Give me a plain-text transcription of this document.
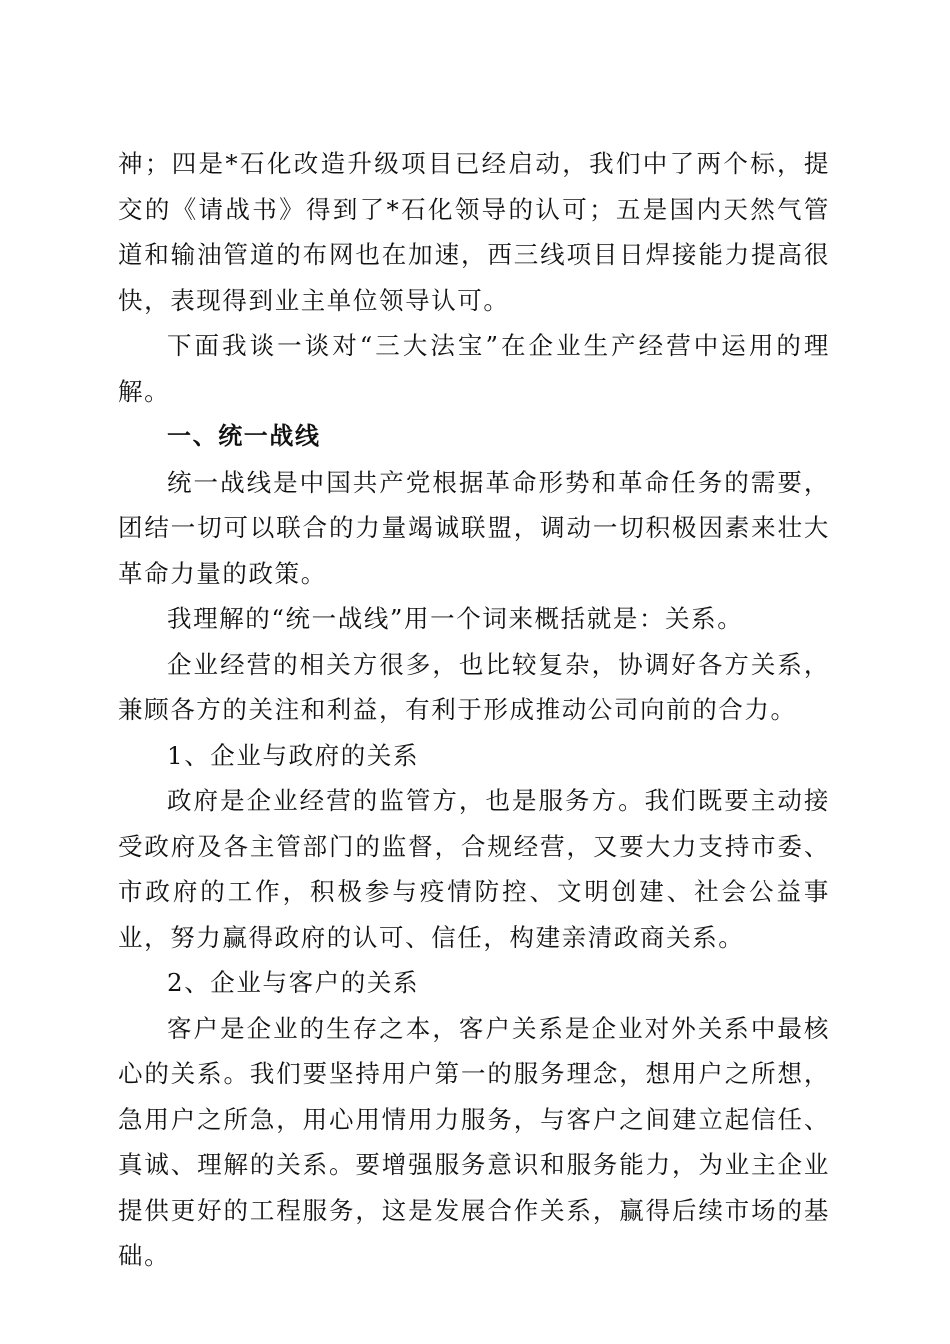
神；四是*石化改造升级项目已经启动，我们中了两个标，提交的《请战书》得到了*石化领导的认可；五是国内天然气管道和输油管道的布网也在加速，西三线项目日焊接能力提高很快，表现得到业主单位领导认可。

下面我谈一谈对“三大法宝”在企业生产经营中运用的理解。

一、统一战线

统一战线是中国共产党根据革命形势和革命任务的需要，团结一切可以联合的力量竭诚联盟，调动一切积极因素来壮大革命力量的政策。

我理解的“统一战线”用一个词来概括就是：关系。

企业经营的相关方很多，也比较复杂，协调好各方关系，兼顾各方的关注和利益，有利于形成推动公司向前的合力。

1、企业与政府的关系

政府是企业经营的监管方，也是服务方。我们既要主动接受政府及各主管部门的监督，合规经营，又要大力支持市委、市政府的工作，积极参与疫情防控、文明创建、社会公益事业，努力赢得政府的认可、信任，构建亲清政商关系。

2、企业与客户的关系

客户是企业的生存之本，客户关系是企业对外关系中最核心的关系。我们要坚持用户第一的服务理念，想用户之所想，急用户之所急，用心用情用力服务，与客户之间建立起信任、真诚、理解的关系。要增强服务意识和服务能力，为业主企业提供更好的工程服务，这是发展合作关系，赢得后续市场的基础。
